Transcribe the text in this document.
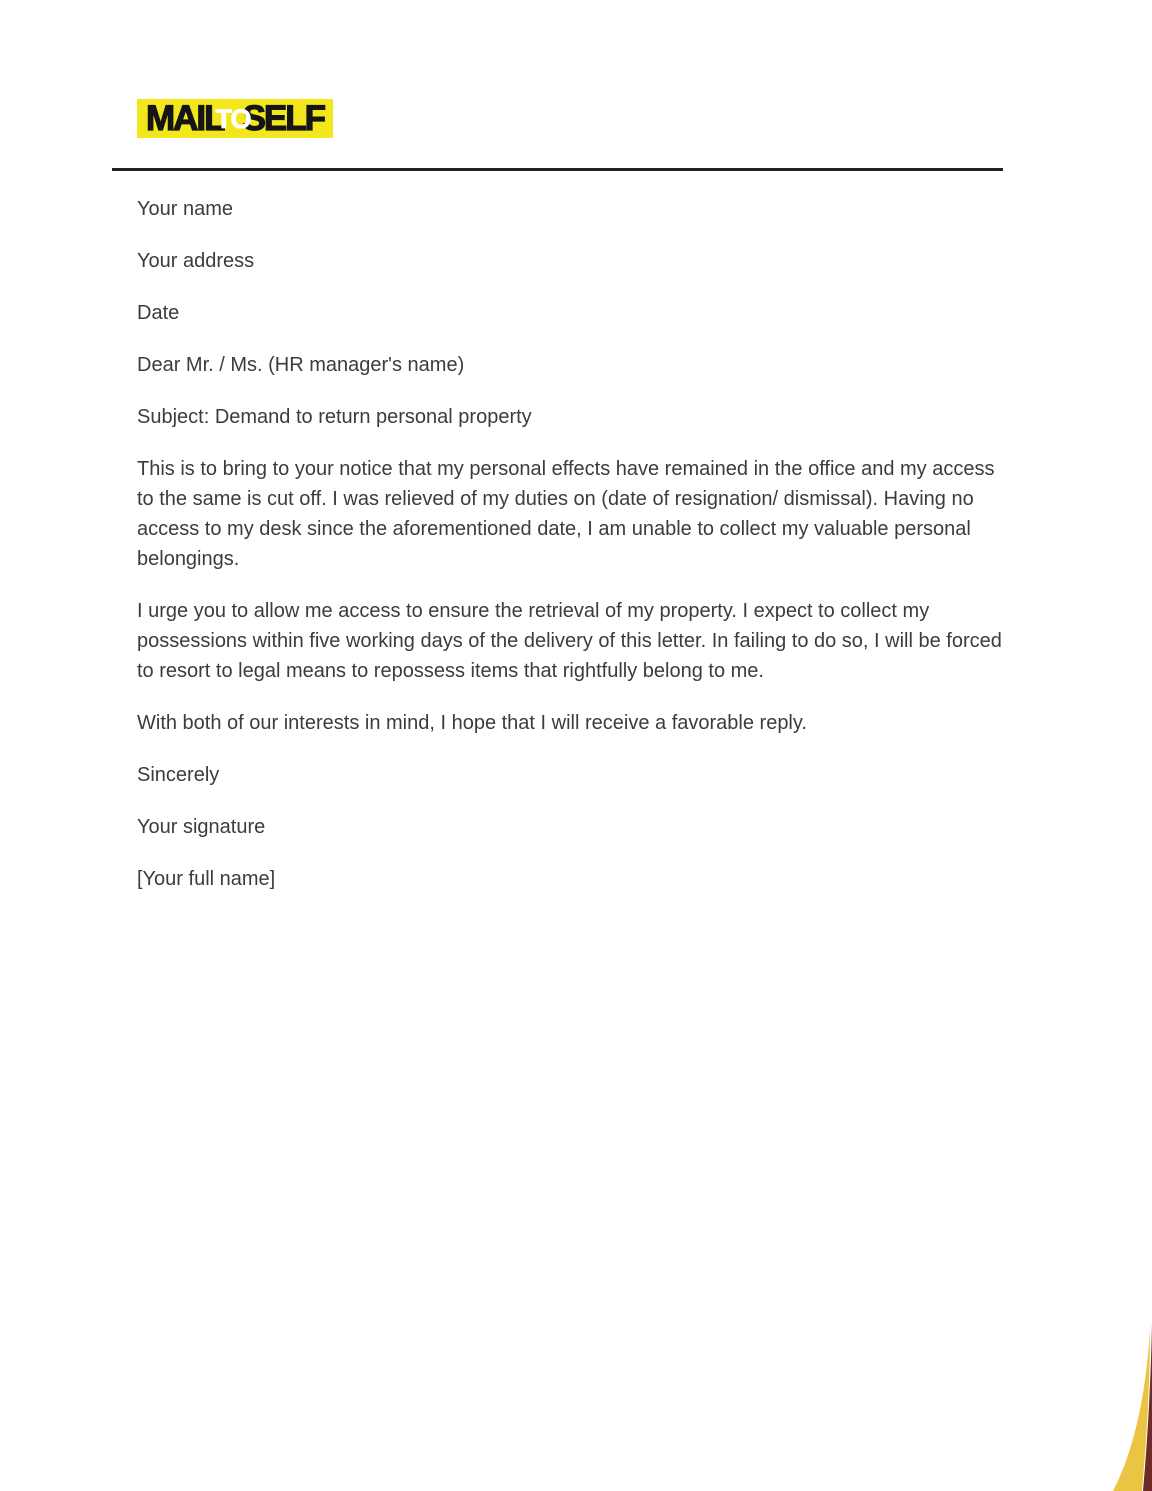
MAIL
TO
SELF

Your name

Your address

Date

Dear Mr. / Ms. (HR manager's name)

Subject: Demand to return personal property

This is to bring to your notice that my personal effects have remained in the office and my access to the same is cut off. I was relieved of my duties on (date of resignation/ dismissal). Having no access to my desk since the aforementioned date, I am unable to collect my valuable personal belongings.

I urge you to allow me access to ensure the retrieval of my property. I expect to collect my possessions within five working days of the delivery of this letter. In failing to do so, I will be forced to resort to legal means to repossess items that rightfully belong to me.

With both of our interests in mind, I hope that I will receive a favorable reply.

Sincerely

Your signature

[Your full name]
